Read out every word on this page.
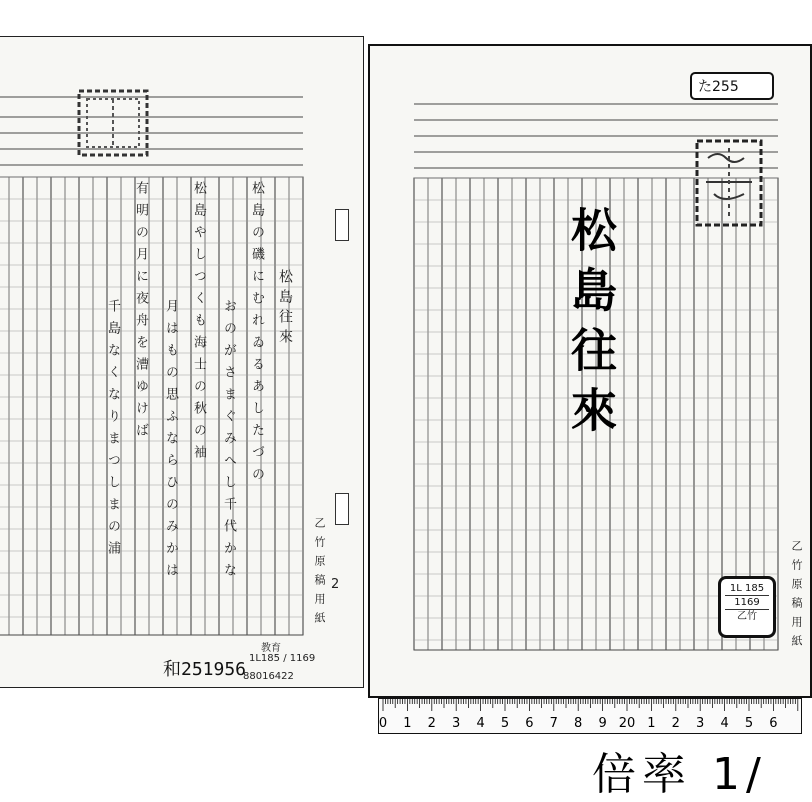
松島往來
松島の磯にむれゐるあしたづの
おのがさまぐみへし千代かな
松島やしつくも海士の秋の袖
月はもの思ふならひのみかは
有明の月に夜舟を漕ゆけば
千島なくなりまつしまの浦
乙竹原稿用紙 2
和251956
教育
1L185 / 1169
88016422
松島往來
乙竹原稿用紙
た255
1L 185
1169
乙竹
0 1 2 3 4 5 6 7 8 9 20 1 2 3 4 5 6
倍率 1/
